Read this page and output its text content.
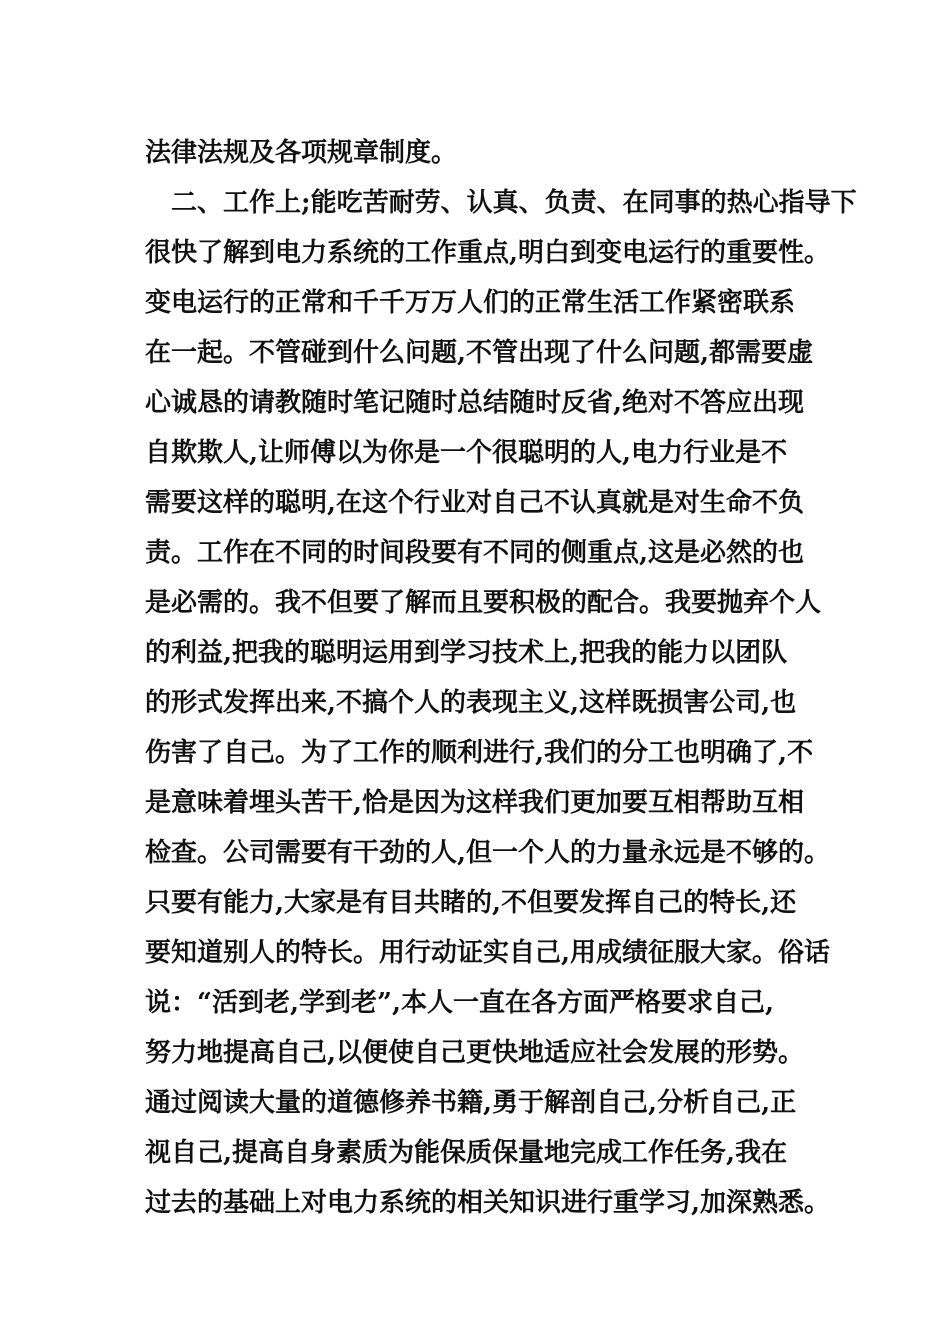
法律法规及各项规章制度。
　二、工作上;能吃苦耐劳、认真、负责、在同事的热心指导下
很快了解到电力系统的工作重点,明白到变电运行的重要性。
变电运行的正常和千千万万人们的正常生活工作紧密联系
在一起。不管碰到什么问题,不管出现了什么问题,都需要虚
心诚恳的请教随时笔记随时总结随时反省,绝对不答应出现
自欺欺人,让师傅以为你是一个很聪明的人,电力行业是不
需要这样的聪明,在这个行业对自己不认真就是对生命不负
责。工作在不同的时间段要有不同的侧重点,这是必然的也
是必需的。我不但要了解而且要积极的配合。我要抛弃个人
的利益,把我的聪明运用到学习技术上,把我的能力以团队
的形式发挥出来,不搞个人的表现主义,这样既损害公司,也
伤害了自己。为了工作的顺利进行,我们的分工也明确了,不
是意味着埋头苦干,恰是因为这样我们更加要互相帮助互相
检查。公司需要有干劲的人,但一个人的力量永远是不够的。
只要有能力,大家是有目共睹的,不但要发挥自己的特长,还
要知道别人的特长。用行动证实自己,用成绩征服大家。俗话
说：“活到老,学到老”,本人一直在各方面严格要求自己,
努力地提高自己,以便使自己更快地适应社会发展的形势。
通过阅读大量的道德修养书籍,勇于解剖自己,分析自己,正
视自己,提高自身素质为能保质保量地完成工作任务,我在
过去的基础上对电力系统的相关知识进行重学习,加深熟悉。
